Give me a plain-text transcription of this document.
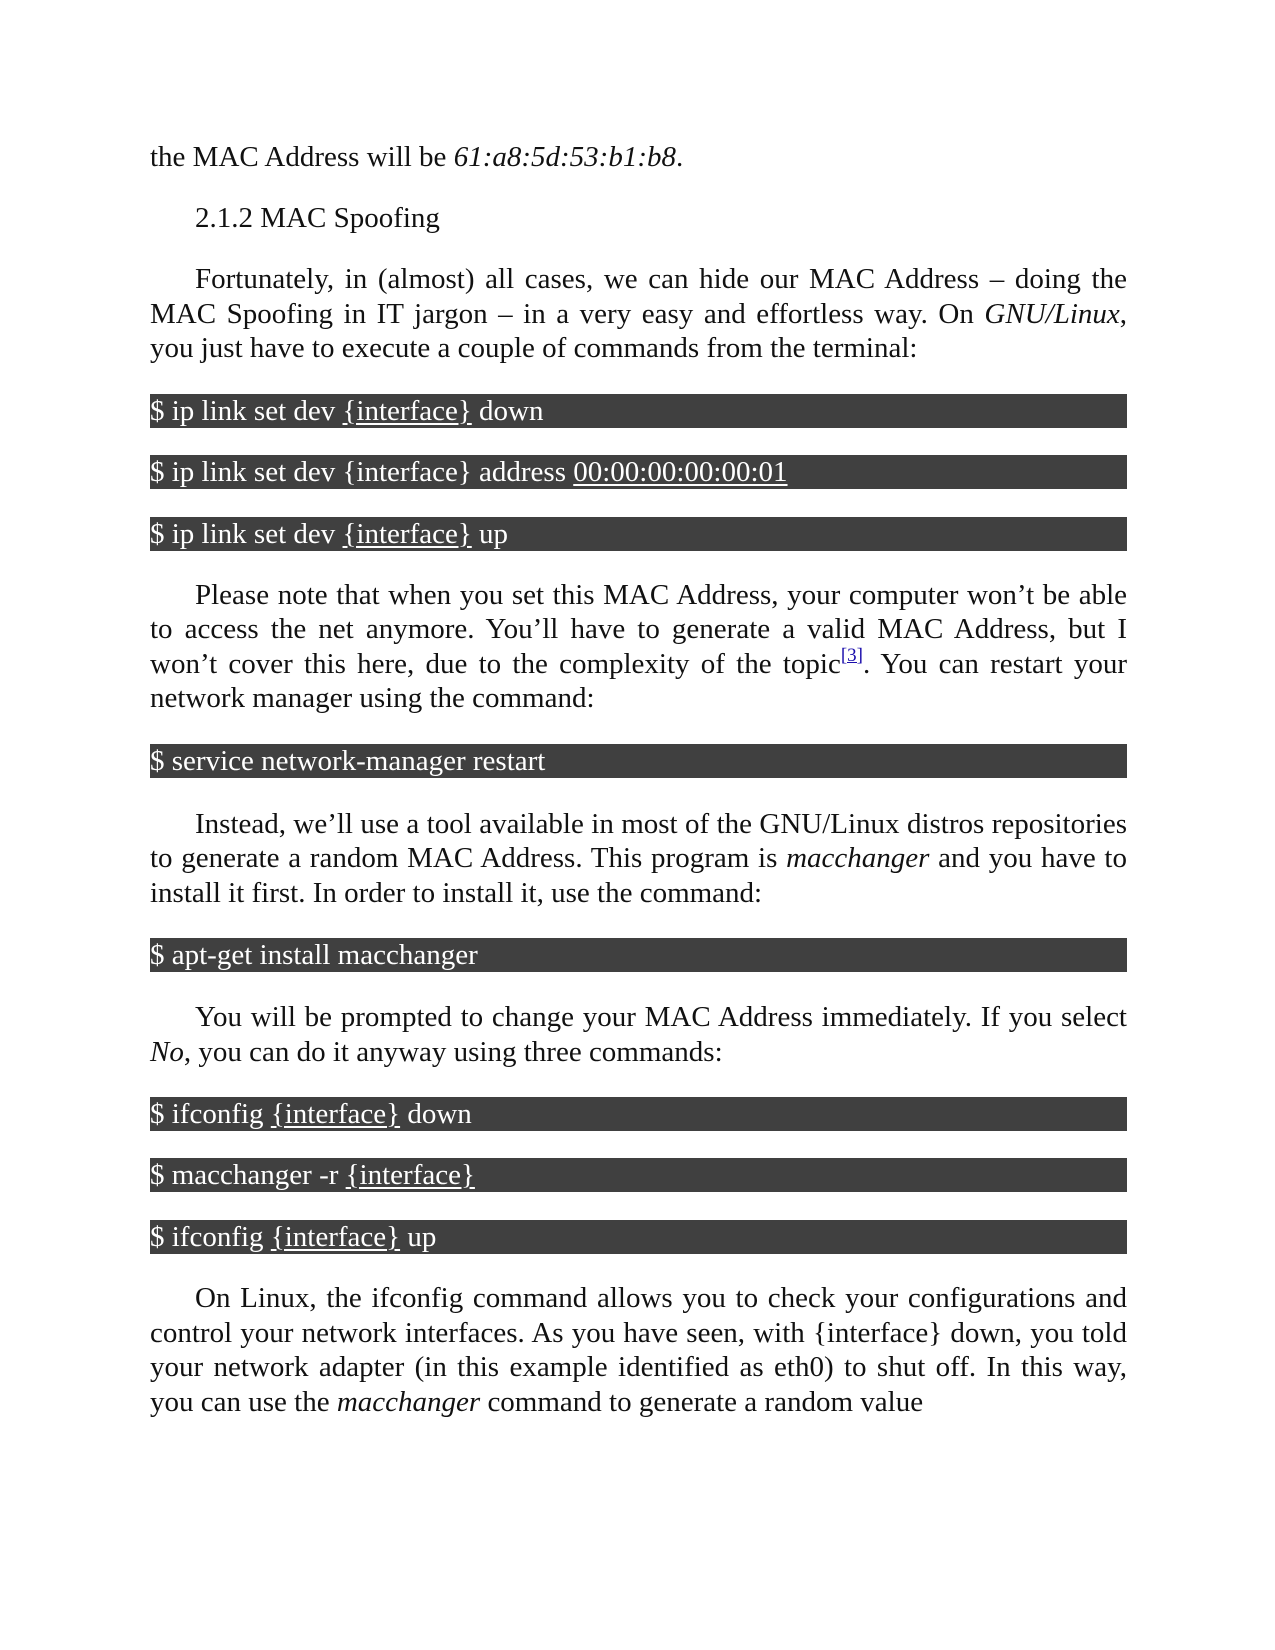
the MAC Address will be 61:a8:5d:53:b1:b8.

2.1.2 MAC Spoofing

Fortunately, in (almost) all cases, we can hide our MAC Address – doing the MAC Spoofing in IT jargon – in a very easy and effortless way. On GNU/Linux, you just have to execute a couple of commands from the terminal:

$ ip link set dev {interface} down
$ ip link set dev {interface} address 00:00:00:00:00:01
$ ip link set dev {interface} up

Please note that when you set this MAC Address, your computer won’t be able to access the net anymore. You’ll have to generate a valid MAC Address, but I won’t cover this here, due to the complexity of the topic[3]. You can restart your network manager using the command:

$ service network-manager restart

Instead, we’ll use a tool available in most of the GNU/Linux distros repositories to generate a random MAC Address. This program is macchanger and you have to install it first. In order to install it, use the command:

$ apt-get install macchanger

You will be prompted to change your MAC Address immediately. If you select No, you can do it anyway using three commands:

$ ifconfig {interface} down
$ macchanger -r {interface}
$ ifconfig {interface} up

On Linux, the ifconfig command allows you to check your configurations and control your network interfaces. As you have seen, with {interface} down, you told your network adapter (in this example identified as eth0) to shut off. In this way, you can use the macchanger command to generate a random value
